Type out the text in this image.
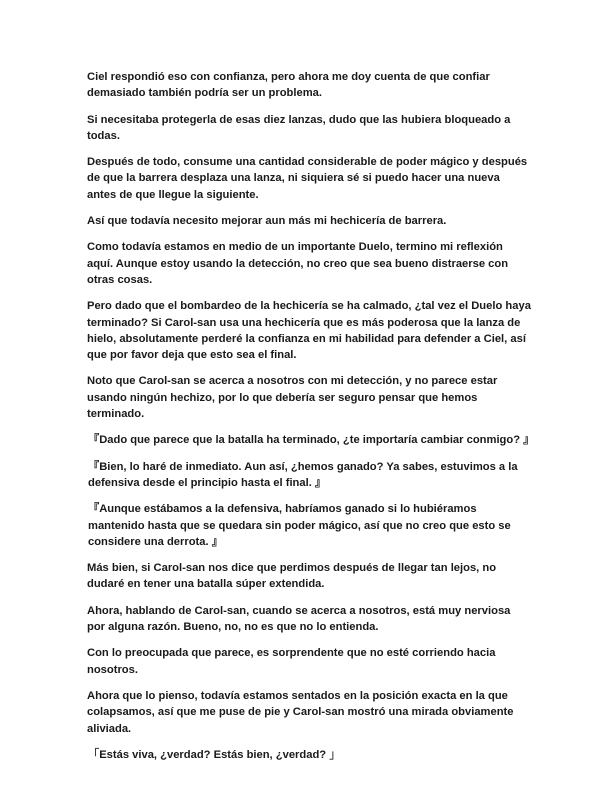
Ciel respondió eso con confianza, pero ahora me doy cuenta de que confiar demasiado también podría ser un problema.

Si necesitaba protegerla de esas diez lanzas, dudo que las hubiera bloqueado a todas.

Después de todo, consume una cantidad considerable de poder mágico y después de que la barrera desplaza una lanza, ni siquiera sé si puedo hacer una nueva antes de que llegue la siguiente.

Así que todavía necesito mejorar aun más mi hechicería de barrera.

Como todavía estamos en medio de un importante Duelo, termino mi reflexión aquí. Aunque estoy usando la detección, no creo que sea bueno distraerse con otras cosas.

Pero dado que el bombardeo de la hechicería se ha calmado, ¿tal vez el Duelo haya terminado? Si Carol-san usa una hechicería que es más poderosa que la lanza de hielo, absolutamente perderé la confianza en mi habilidad para defender a Ciel, así que por favor deja que esto sea el final.

Noto que Carol-san se acerca a nosotros con mi detección, y no parece estar usando ningún hechizo, por lo que debería ser seguro pensar que hemos terminado.

『Dado que parece que la batalla ha terminado, ¿te importaría cambiar conmigo? 』

『Bien, lo haré de inmediato. Aun así, ¿hemos ganado? Ya sabes, estuvimos a la defensiva desde el principio hasta el final. 』

『Aunque estábamos a la defensiva, habríamos ganado si lo hubiéramos mantenido hasta que se quedara sin poder mágico, así que no creo que esto se considere una derrota. 』

Más bien, si Carol-san nos dice que perdimos después de llegar tan lejos, no dudaré en tener una batalla súper extendida.

Ahora, hablando de Carol-san, cuando se acerca a nosotros, está muy nerviosa por alguna razón. Bueno, no, no es que no lo entienda.

Con lo preocupada que parece, es sorprendente que no esté corriendo hacia nosotros.

Ahora que lo pienso, todavía estamos sentados en la posición exacta en la que colapsamos, así que me puse de pie y Carol-san mostró una mirada obviamente aliviada.

「Estás viva, ¿verdad? Estás bien, ¿verdad? 」
